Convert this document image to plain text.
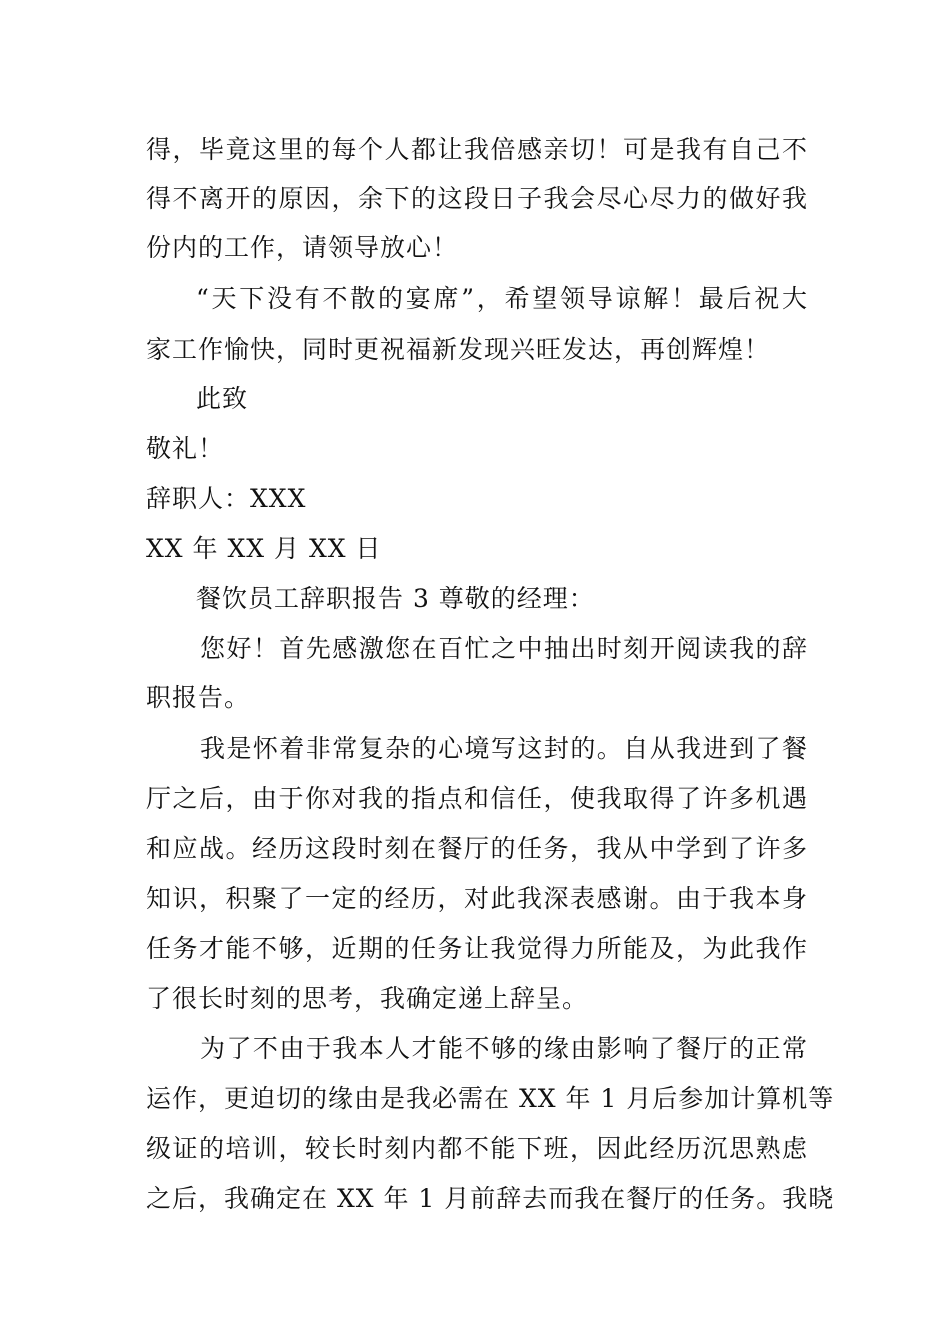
得，毕竟这里的每个人都让我倍感亲切！可是我有自己不
得不离开的原因，余下的这段日子我会尽心尽力的做好我
份内的工作，请领导放心！
“天下没有不散的宴席”，希望领导谅解！最后祝大
家工作愉快，同时更祝福新发现兴旺发达，再创辉煌！
此致
敬礼！
辞职人：XXX
XX 年 XX 月 XX 日
餐饮员工辞职报告 3 尊敬的经理：
您好！首先感激您在百忙之中抽出时刻开阅读我的辞
职报告。
我是怀着非常复杂的心境写这封的。自从我进到了餐
厅之后，由于你对我的指点和信任，使我取得了许多机遇
和应战。经历这段时刻在餐厅的任务，我从中学到了许多
知识，积聚了一定的经历，对此我深表感谢。由于我本身
任务才能不够，近期的任务让我觉得力所能及，为此我作
了很长时刻的思考，我确定递上辞呈。
为了不由于我本人才能不够的缘由影响了餐厅的正常
运作，更迫切的缘由是我必需在 XX 年 1 月后参加计算机等
级证的培训，较长时刻内都不能下班，因此经历沉思熟虑
之后，我确定在 XX 年 1 月前辞去而我在餐厅的任务。我晓
